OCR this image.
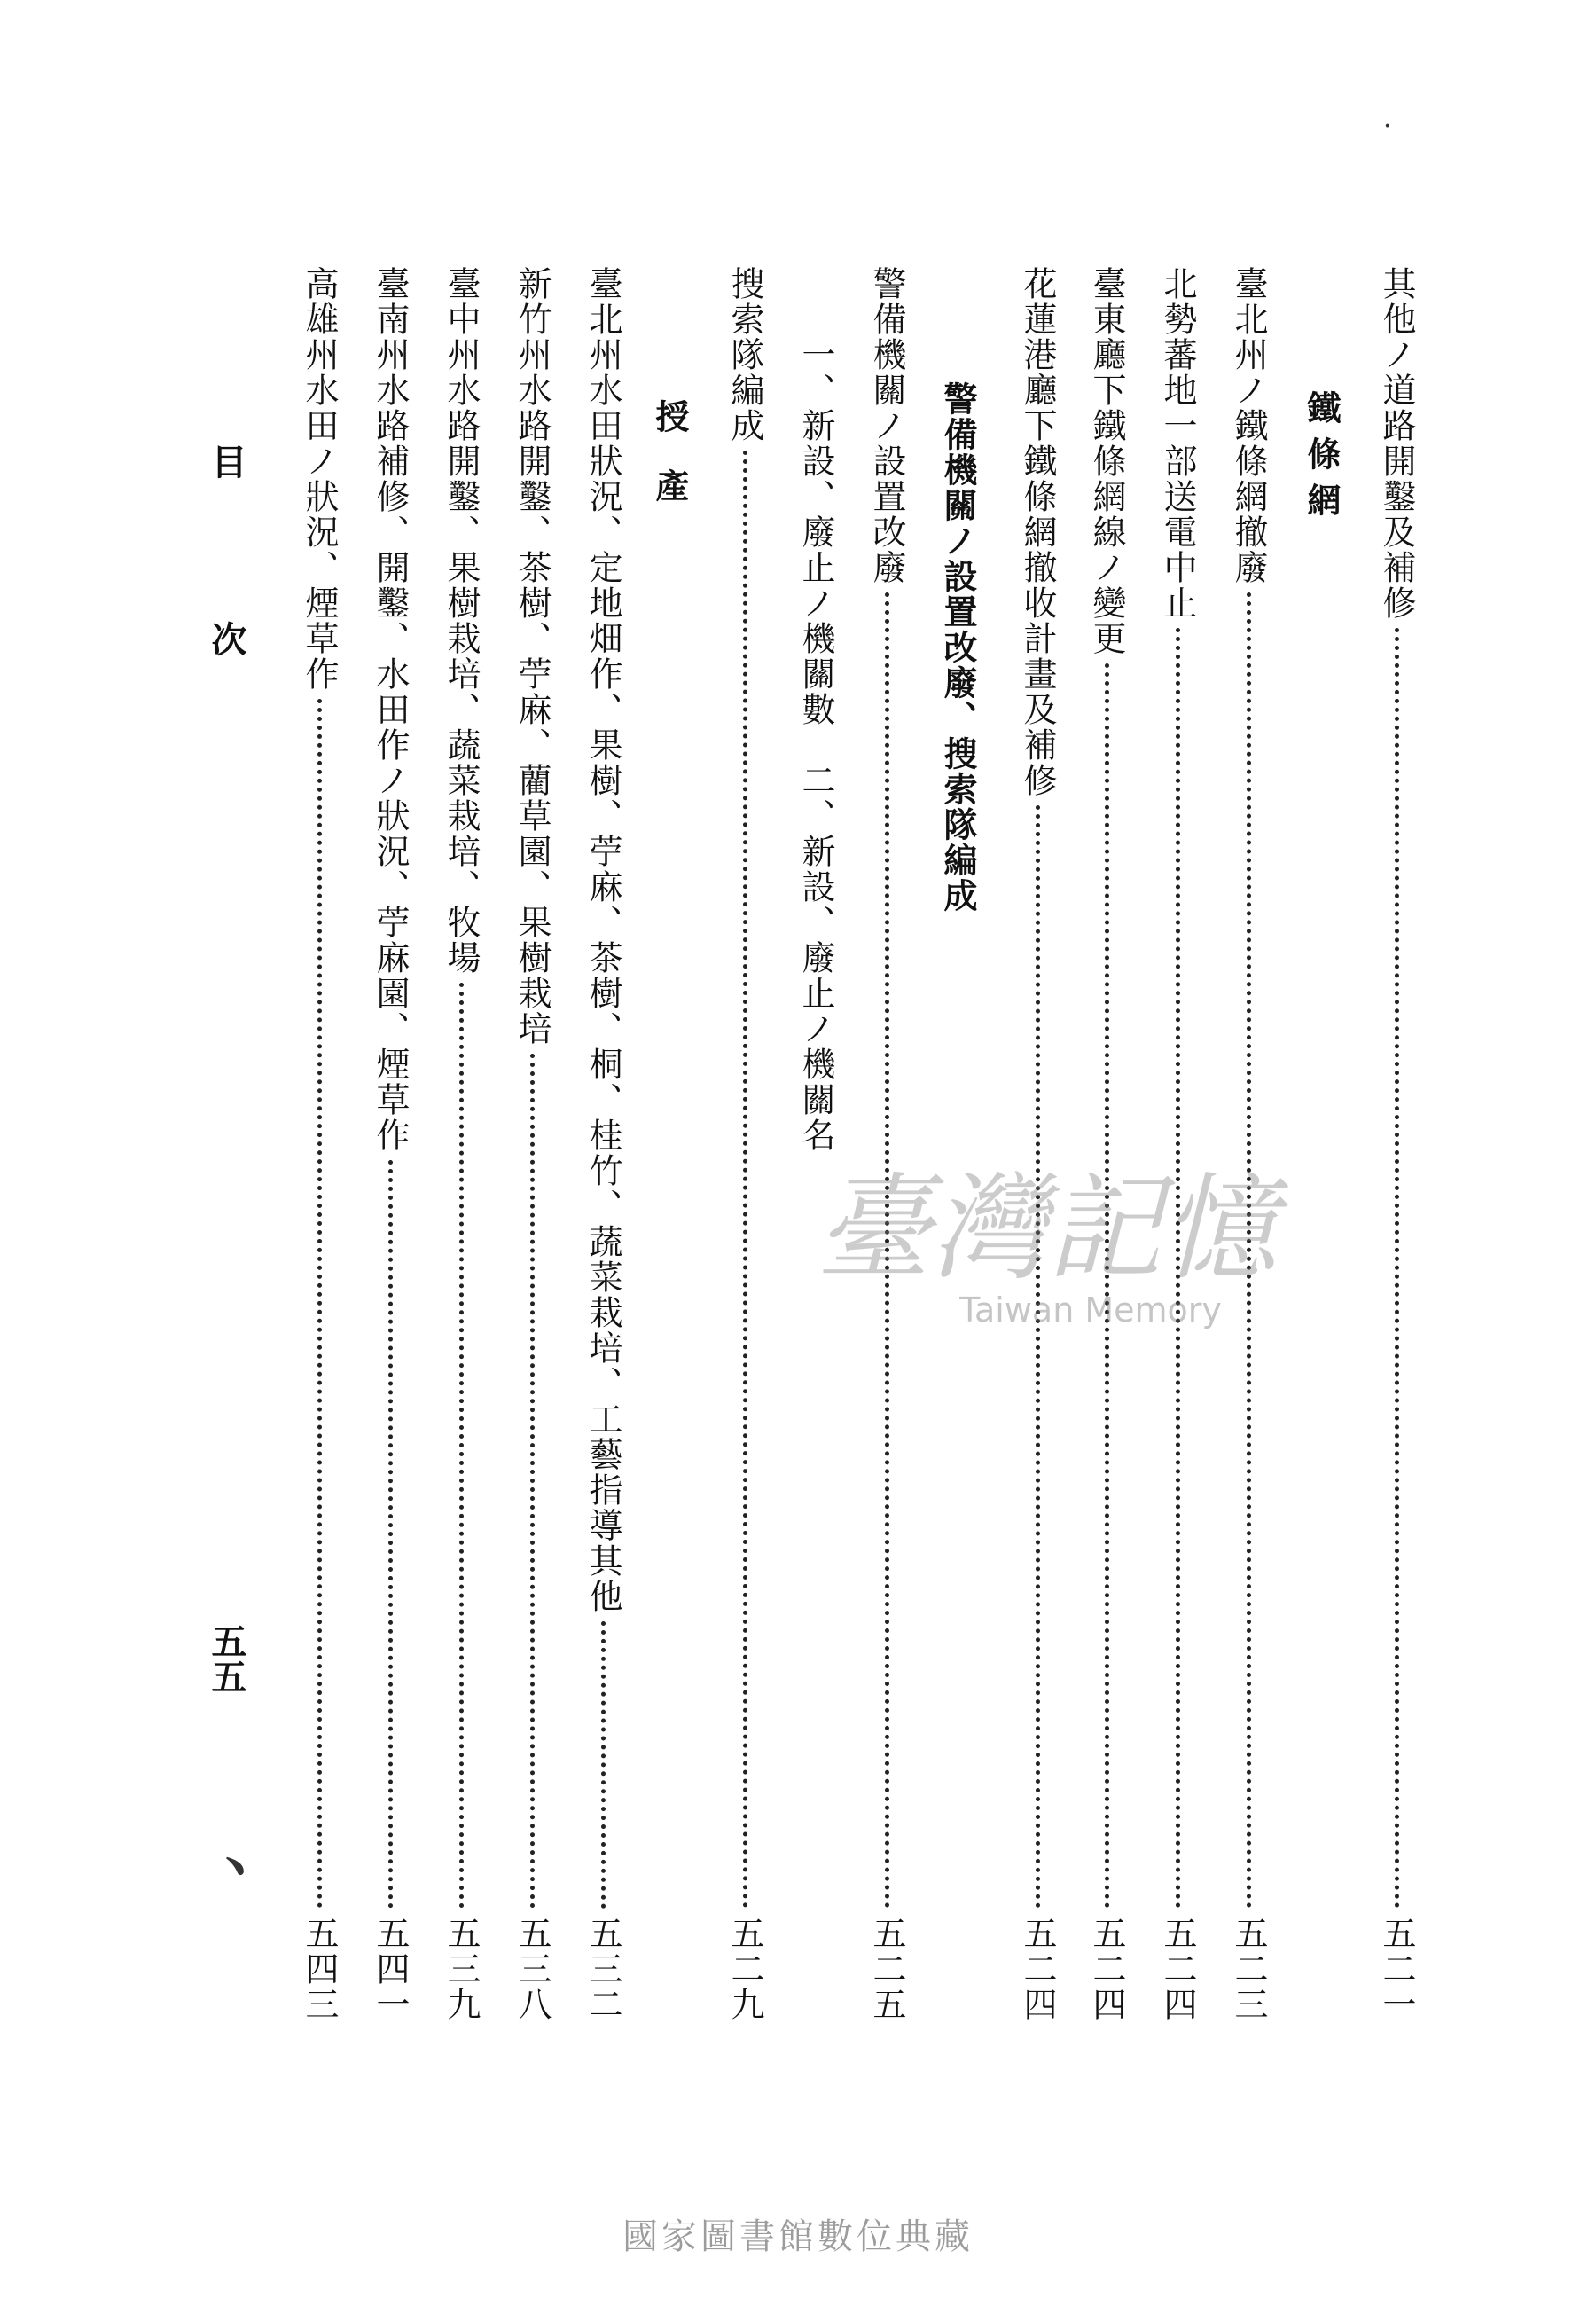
其他ノ道路開鑿及補修
五二一
鐵條網
臺北州ノ鐵條網撤廢
五二三
北勢蕃地一部送電中止
五二四
臺東廳下鐵條網線ノ變更
五二四
花蓮港廳下鐵條網撤收計畫及補修
五二四
警備機關ノ設置改廢、搜索隊編成
警備機關ノ設置改廢
五二五
一、新設、廢止ノ機關數　二、新設、廢止ノ機關名
搜索隊編成
五二九
授產
臺北州水田狀況、定地畑作、果樹、苧麻、茶樹、桐、桂竹、蔬菜栽培、工藝指導其他
五三二
新竹州水路開鑿、茶樹、苧麻、藺草園、果樹栽培
五三八
臺中州水路開鑿、果樹栽培、蔬菜栽培、牧場
五三九
臺南州水路補修、開鑿、水田作ノ狀況、苧麻園、煙草作
五四一
高雄州水田ノ狀況、煙草作
五四三
目　次
五五
﹅
·
臺灣記憶
Taiwan Memory
國家圖書館數位典藏
